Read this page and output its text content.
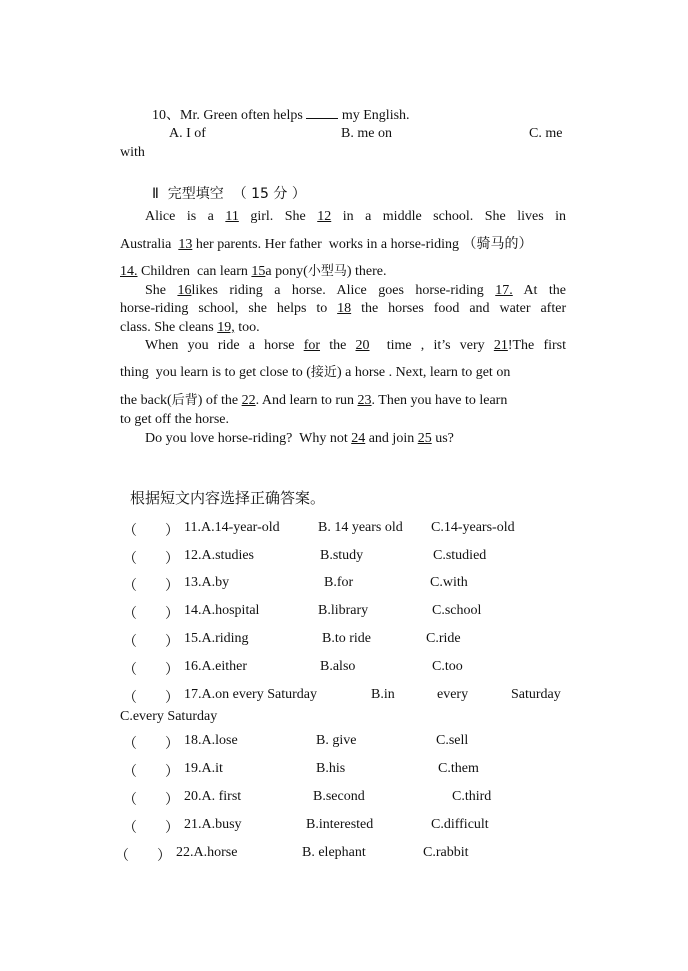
10、Mr. Green often helps	my English.
A. I of	B. me on	C. me
with
Ⅱ 完型填空 （ 15 分 ）
Alice is a 11 girl. She 12 in a middle school. She lives in
Australia 13 her parents. Her father works in a horse-riding （骑马的）
14. Children can learn 15a pony(小型马) there.
She 16likes riding a horse. Alice goes horse-riding 17. At the
horse-riding school, she helps to 18 the horses food and water after
class. She cleans 19, too.
When you ride a horse for the 20 time , it’s very 21!The first
thing you learn is to get close to (接近) a horse . Next, learn to get on
the back(后背) of the 22. And learn to run 23. Then you have to learn
to get off the horse.
Do you love horse-riding? Why not 24 and join 25 us?
根据短文内容选择正确答案。
（　　） 11.A.14-year-old	B. 14 years old C.14-years-old
（　　） 12.A.studies	B.study	C.studied
（　　） 13.A.by	B.for	C.with
（　　） 14.A.hospital	B.library	C.school
（　　） 15.A.riding	B.to ride	C.ride
（　　） 16.A.either	B.also	C.too
（　　） 17.A.on every Saturday	B.in	every	Saturday
C.every Saturday
（　　） 18.A.lose	B. give	C.sell
（　　） 19.A.it	B.his	C.them
（　　） 20.A. first	B.second	C.third
（　　） 21.A.busy	B.interested	C.difficult
（　　） 22.A.horse	B. elephant	C.rabbit
